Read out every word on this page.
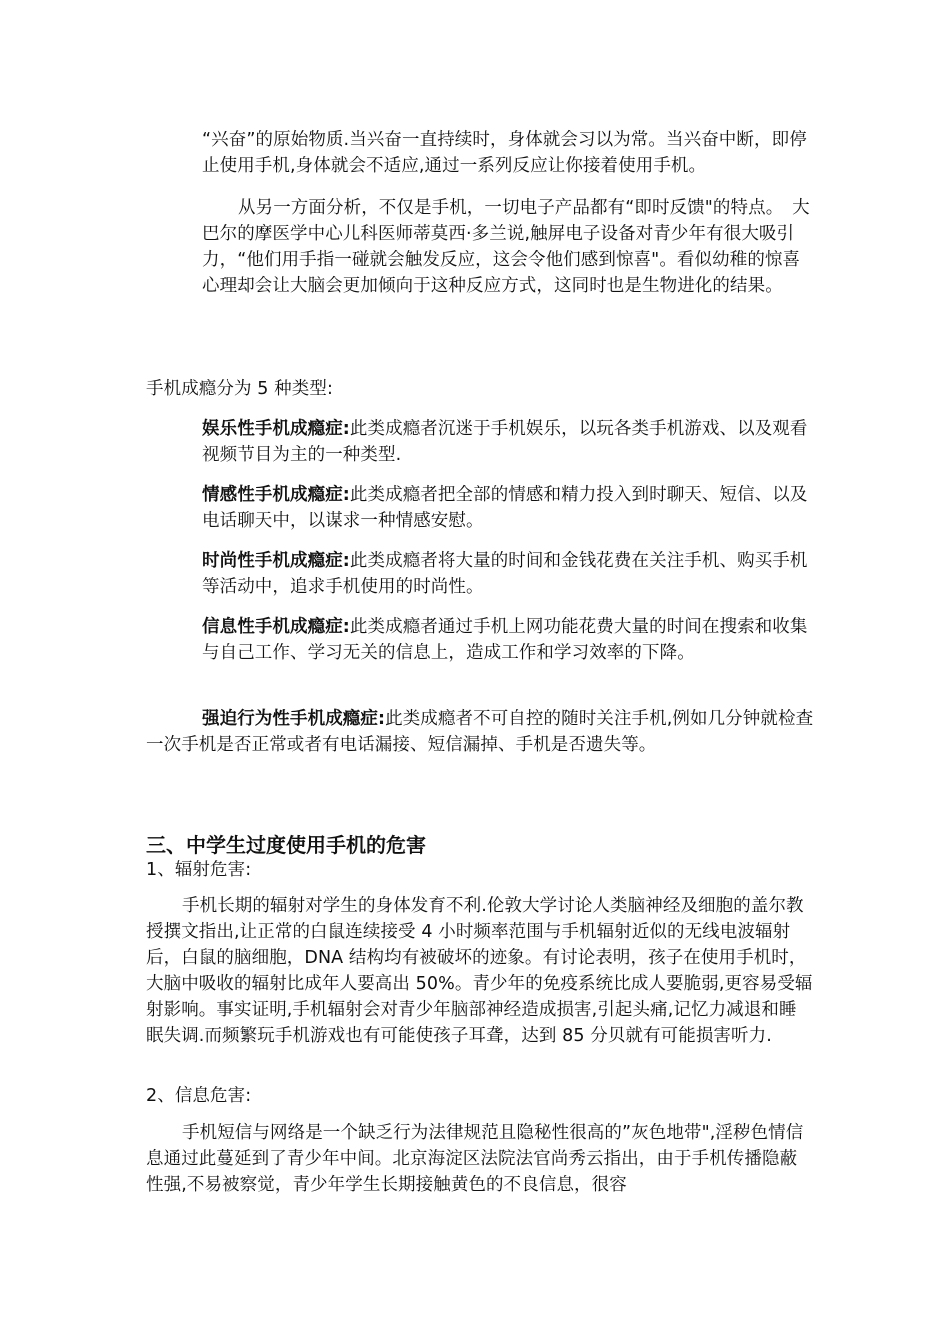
“兴奋”的原始物质.当兴奋一直持续时，身体就会习以为常。当兴奋中断，即停止使用手机,身体就会不适应,通过一系列反应让你接着使用手机。

从另一方面分析，不仅是手机，一切电子产品都有“即时反馈"的特点。　大巴尔的摩医学中心儿科医师蒂莫西·多兰说,触屏电子设备对青少年有很大吸引力，“他们用手指一碰就会触发反应，这会令他们感到惊喜"。看似幼稚的惊喜心理却会让大脑会更加倾向于这种反应方式，这同时也是生物进化的结果。

手机成瘾分为 5 种类型:

娱乐性手机成瘾症:此类成瘾者沉迷于手机娱乐，以玩各类手机游戏、以及观看视频节目为主的一种类型.

情感性手机成瘾症:此类成瘾者把全部的情感和精力投入到时聊天、短信、以及电话聊天中，以谋求一种情感安慰。

时尚性手机成瘾症:此类成瘾者将大量的时间和金钱花费在关注手机、购买手机等活动中，追求手机使用的时尚性。

信息性手机成瘾症:此类成瘾者通过手机上网功能花费大量的时间在搜索和收集与自己工作、学习无关的信息上，造成工作和学习效率的下降。

强迫行为性手机成瘾症:此类成瘾者不可自控的随时关注手机,例如几分钟就检查一次手机是否正常或者有电话漏接、短信漏掉、手机是否遗失等。

三、中学生过度使用手机的危害

1、辐射危害:

手机长期的辐射对学生的身体发育不利.伦敦大学讨论人类脑神经及细胞的盖尔教授撰文指出,让正常的白鼠连续接受 4 小时频率范围与手机辐射近似的无线电波辐射后，白鼠的脑细胞，DNA 结构均有被破坏的迹象。有讨论表明，孩子在使用手机时，大脑中吸收的辐射比成年人要高出 50%。青少年的免疫系统比成人要脆弱,更容易受辐射影响。事实证明,手机辐射会对青少年脑部神经造成损害,引起头痛,记忆力减退和睡眠失调.而频繁玩手机游戏也有可能使孩子耳聋，达到 85 分贝就有可能损害听力.

2、信息危害:

手机短信与网络是一个缺乏行为法律规范且隐秘性很高的”灰色地带",淫秽色情信息通过此蔓延到了青少年中间。北京海淀区法院法官尚秀云指出，由于手机传播隐蔽性强,不易被察觉，青少年学生长期接触黄色的不良信息，很容
